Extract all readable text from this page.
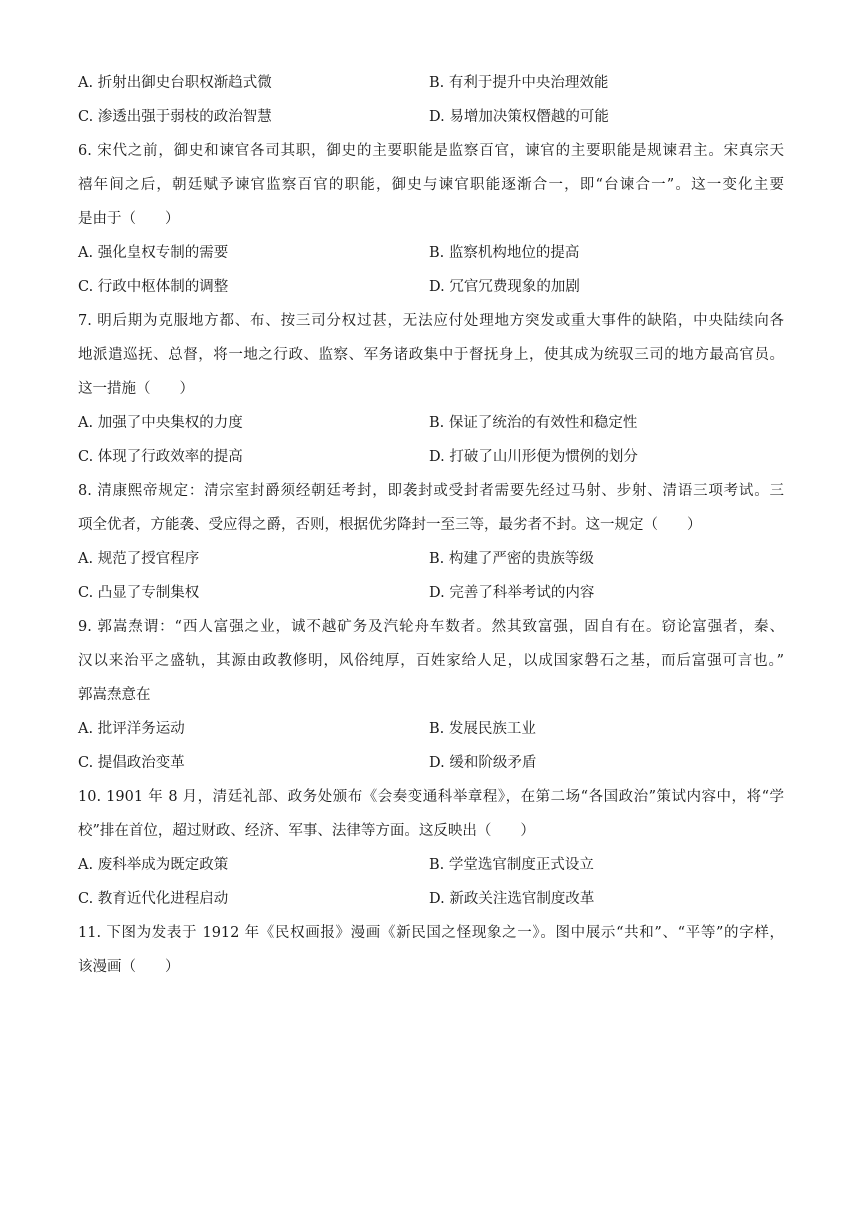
A. 折射出御史台职权渐趋式微	B. 有利于提升中央治理效能
C. 渗透出强于弱枝的政治智慧	D. 易增加决策权僭越的可能
6. 宋代之前，御史和谏官各司其职，御史的主要职能是监察百官，谏官的主要职能是规谏君主。宋真宗天
禧年间之后，朝廷赋予谏官监察百官的职能，御史与谏官职能逐渐合一，即“台谏合一”。这一变化主要
是由于（　　）
A. 强化皇权专制的需要	B. 监察机构地位的提高
C. 行政中枢体制的调整	D. 冗官冗费现象的加剧
7. 明后期为克服地方都、布、按三司分权过甚，无法应付处理地方突发或重大事件的缺陷，中央陆续向各
地派遣巡抚、总督，将一地之行政、监察、军务诸政集中于督抚身上，使其成为统驭三司的地方最高官员。
这一措施（　　）
A. 加强了中央集权的力度	B. 保证了统治的有效性和稳定性
C. 体现了行政效率的提高	D. 打破了山川形便为惯例的划分
8. 清康熙帝规定：清宗室封爵须经朝廷考封，即袭封或受封者需要先经过马射、步射、清语三项考试。三
项全优者，方能袭、受应得之爵，否则，根据优劣降封一至三等，最劣者不封。这一规定（　　）
A. 规范了授官程序	B. 构建了严密的贵族等级
C. 凸显了专制集权	D. 完善了科举考试的内容
9. 郭嵩焘谓：“西人富强之业，诚不越矿务及汽轮舟车数者。然其致富强，固自有在。窃论富强者，秦、
汉以来治平之盛轨，其源由政教修明，风俗纯厚，百姓家给人足，以成国家磐石之基，而后富强可言也。”
郭嵩焘意在
A. 批评洋务运动	B. 发展民族工业
C. 提倡政治变革	D. 缓和阶级矛盾
10. 1901 年 8 月，清廷礼部、政务处颁布《会奏变通科举章程》，在第二场“各国政治”策试内容中，将“学
校”排在首位，超过财政、经济、军事、法律等方面。这反映出（　　）
A. 废科举成为既定政策	B. 学堂选官制度正式设立
C. 教育近代化进程启动	D. 新政关注选官制度改革
11. 下图为发表于 1912 年《民权画报》漫画《新民国之怪现象之一》。图中展示“共和”、“平等”的字样，
该漫画（　　）
